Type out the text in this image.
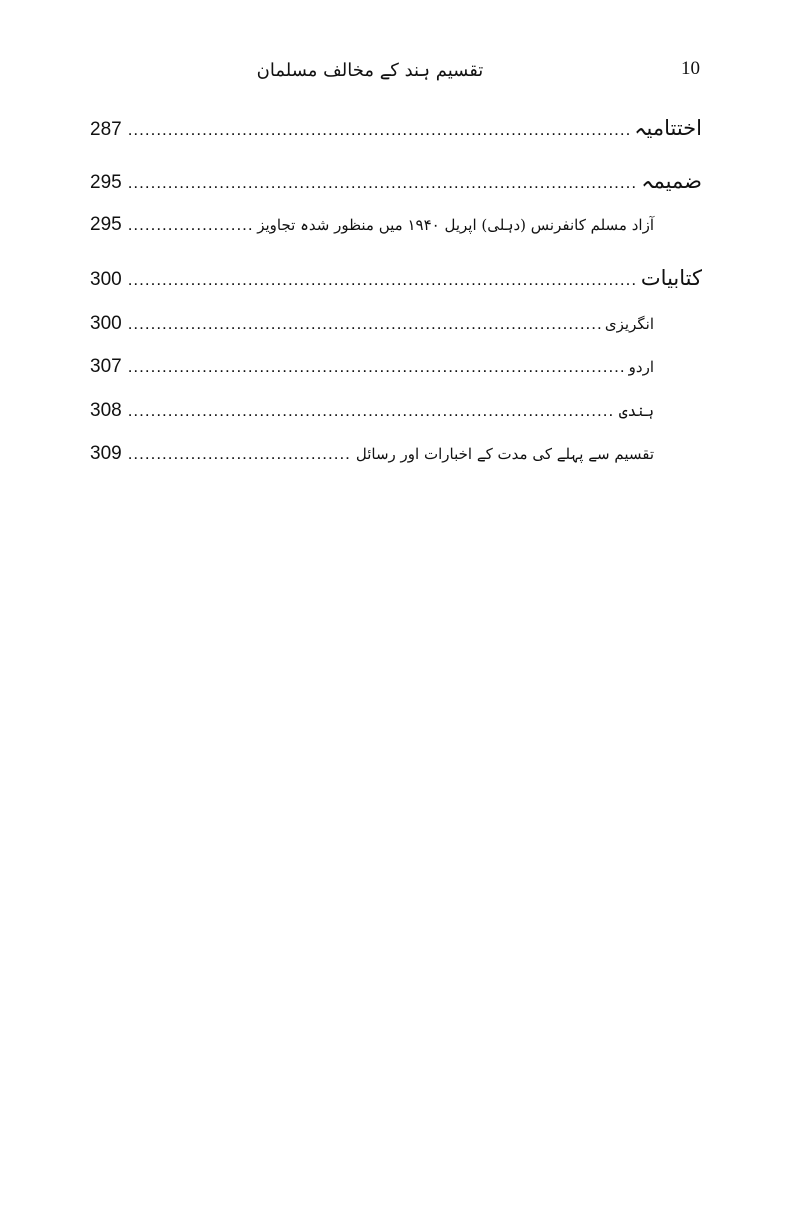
10
تقسیم ہند کے مخالف مسلمان
287 .....	اختتامیہ
295 .....	ضمیمہ
295 .....	آزاد مسلم کانفرنس (دہلی) اپریل ۱۹۴۰ میں منظور شدہ تجاویز
300 .....	کتابیات
300 .....	انگریزی
307 .....	اردو
308 .....	ہندی
309 .....	تقسیم سے پہلے کی مدت کے اخبارات اور رسائل
